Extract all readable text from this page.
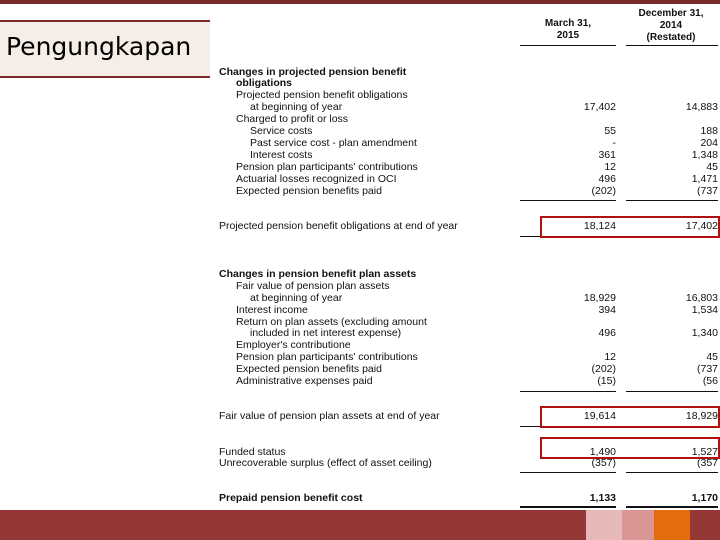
Pengungkapan
March 31,
2015
December 31,
2014
(Restated)
Changes in projected pension benefit
obligations
Projected pension benefit obligations
at beginning of year	17,402	14,883
Charged to profit or loss
Service costs	55	188
Past service cost - plan amendment	-	204
Interest costs	361	1,348
Pension plan participants' contributions	12	45
Actuarial losses recognized in OCI	496	1,471
Expected pension benefits paid	(202)	(737
Projected pension benefit obligations at end of year	18,124	17,402
Changes in pension benefit plan assets
Fair value of pension plan assets
at beginning of year	18,929	16,803
Interest income	394	1,534
Return on plan assets (excluding amount
included in net interest expense)	496	1,340
Employer's contributione
Pension plan participants' contributions	12	45
Expected pension benefits paid	(202)	(737
Administrative expenses paid	(15)	(56
Fair value of pension plan assets at end of year	19,614	18,929
Funded status	1,490	1,527
Unrecoverable surplus (effect of asset ceiling)	(357)	(357
Prepaid pension benefit cost	1,133	1,170
